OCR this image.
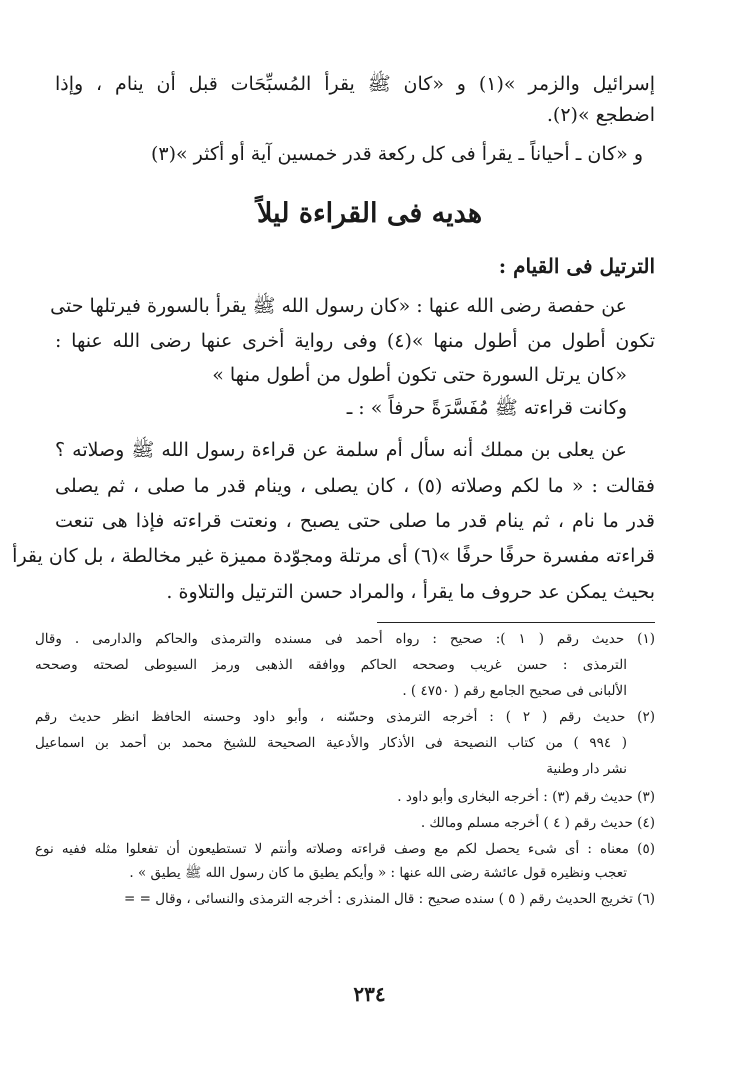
إسرائيل والزمر »(١) و «كان ﷺ يقرأ المُسبِّحَات قبل أن ينام ، وإذا
اضطجع »(٢).
و «كان ـ أحياناً ـ يقرأ فى كل ركعة قدر خمسين آية أو أكثر »(٣)
هديه فى القراءة ليلاً
الترتيل فى القيام :
عن حفصة رضى الله عنها : «كان رسول الله ﷺ يقرأ بالسورة فيرتلها حتى
تكون أطول من أطول منها »(٤) وفى رواية أخرى عنها رضى الله عنها :
«كان يرتل السورة حتى تكون أطول من أطول منها »
وكانت قراءته ﷺ مُفَسَّرَةً حرفاً » : ـ
عن يعلى بن مملك أنه سأل أم سلمة عن قراءة رسول الله ﷺ وصلاته ؟
فقالت : « ما لكم وصلاته (٥) ، كان يصلى ، وينام قدر ما صلى ، ثم يصلى
قدر ما نام ، ثم ينام قدر ما صلى حتى يصبح ، ونعتت قراءته فإذا هى تنعت
قراءته مفسرة حرفًا حرفًا »(٦) أى مرتلة ومجوّدة مميزة غير مخالطة ، بل كان يقرأ
بحيث يمكن عد حروف ما يقرأ ، والمراد حسن الترتيل والتلاوة .
(١) حديث رقم ( ١ ): صحيح : رواه أحمد فى مسنده والترمذى والحاكم والدارمى . وقال
الترمذى : حسن غريب وصححه الحاكم ووافقه الذهبى ورمز السيوطى لصحته وصححه
الألبانى فى صحيح الجامع رقم ( ٤٧٥٠ ) .
(٢) حديث رقم ( ٢ ) : أخرجه الترمذى وحسّنه ، وأبو داود وحسنه الحافظ انظر حديث رقم
( ٩٩٤ ) من كتاب النصيحة فى الأذكار والأدعية الصحيحة للشيخ محمد بن أحمد بن اسماعيل
نشر دار وطنية
(٣) حديث رقم (٣) : أخرجه البخارى وأبو داود .
(٤) حديث رقم ( ٤ ) أخرجه مسلم ومالك .
(٥) معناه : أى شىء يحصل لكم مع وصف قراءته وصلاته وأنتم لا تستطيعون أن تفعلوا مثله ففيه نوع
تعجب ونظيره قول عائشة رضى الله عنها : « وأيكم يطيق ما كان رسول الله ﷺ يطيق » .
(٦) تخريج الحديث رقم ( ٥ ) سنده صحيح : قال المنذرى : أخرجه الترمذى والنسائى ، وقال = =
٢٣٤
